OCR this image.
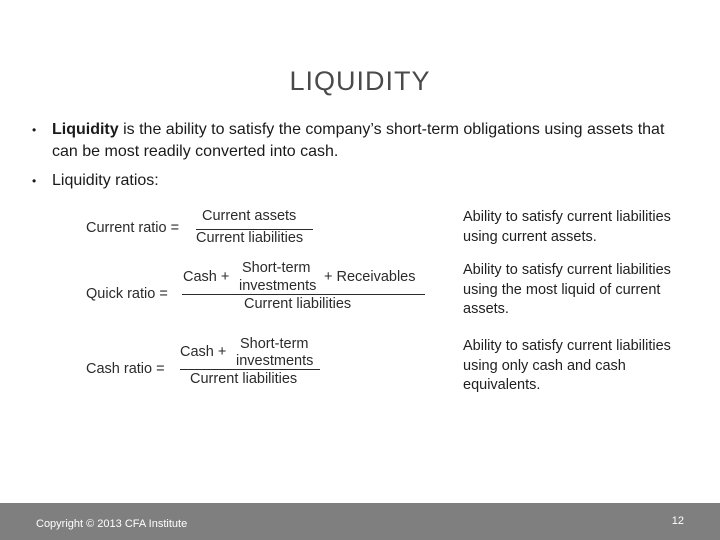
LIQUIDITY
• Liquidity is the ability to satisfy the company’s short-term obligations using assets that can be most readily converted into cash.
• Liquidity ratios:
Current ratio =
Current assets
Current liabilities
Ability to satisfy current liabilities using current assets.
Quick ratio =
Cash +
Short-term
investments
+ Receivables
Current liabilities
Ability to satisfy current liabilities using the most liquid of current assets.
Cash ratio =
Cash + Short-term
investments
Current liabilities
Ability to satisfy current liabilities using only cash and cash equivalents.
Copyright © 2013 CFA Institute	12
